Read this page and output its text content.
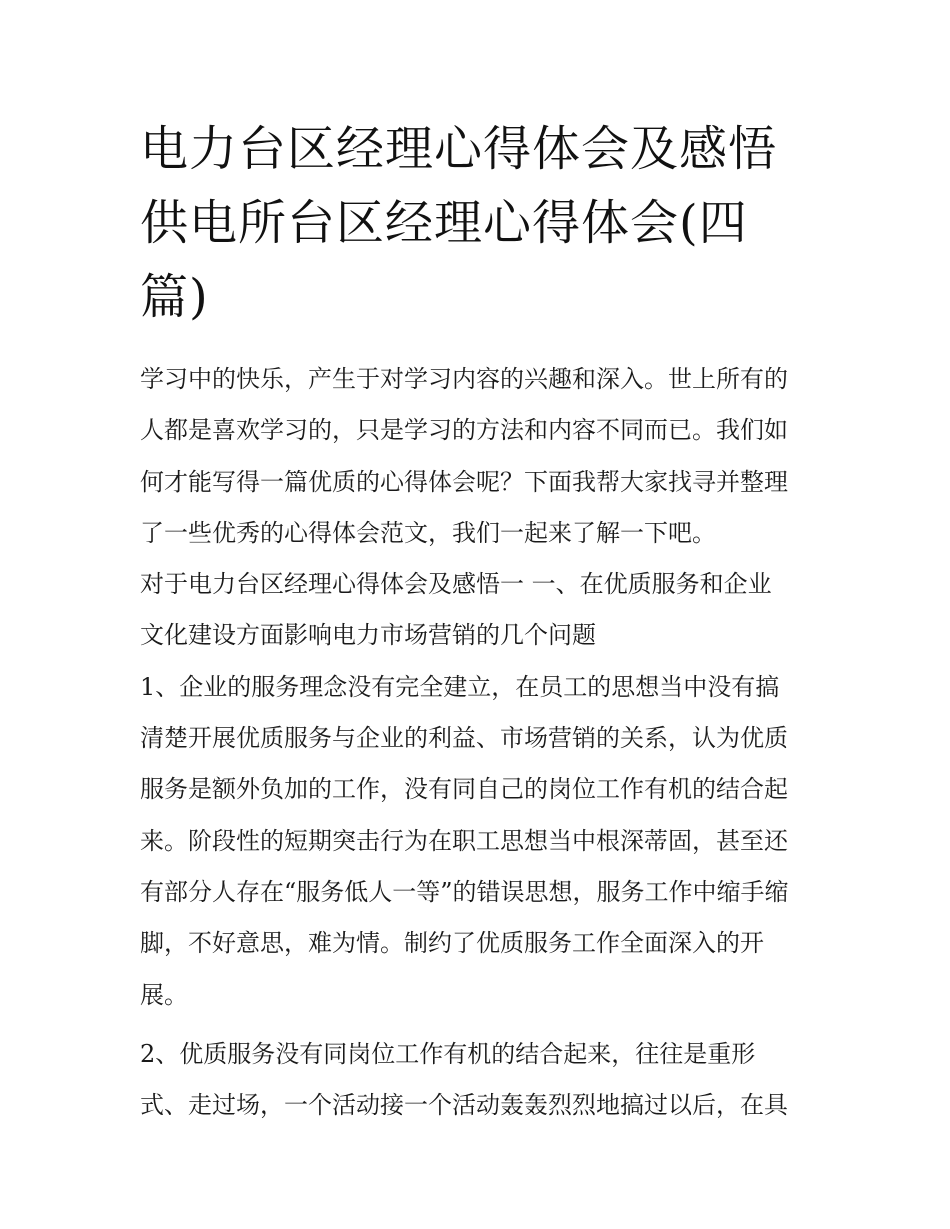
电力台区经理心得体会及感悟
供电所台区经理心得体会(四
篇)
学习中的快乐，产生于对学习内容的兴趣和深入。世上所有的
人都是喜欢学习的，只是学习的方法和内容不同而已。我们如
何才能写得一篇优质的心得体会呢？下面我帮大家找寻并整理
了一些优秀的心得体会范文，我们一起来了解一下吧。
对于电力台区经理心得体会及感悟一 一、在优质服务和企业
文化建设方面影响电力市场营销的几个问题
1、企业的服务理念没有完全建立，在员工的思想当中没有搞
清楚开展优质服务与企业的利益、市场营销的关系，认为优质
服务是额外负加的工作，没有同自己的岗位工作有机的结合起
来。阶段性的短期突击行为在职工思想当中根深蒂固，甚至还
有部分人存在“服务低人一等”的错误思想，服务工作中缩手缩
脚，不好意思，难为情。制约了优质服务工作全面深入的开
展。
2、优质服务没有同岗位工作有机的结合起来，往往是重形
式、走过场，一个活动接一个活动轰轰烈烈地搞过以后，在具
